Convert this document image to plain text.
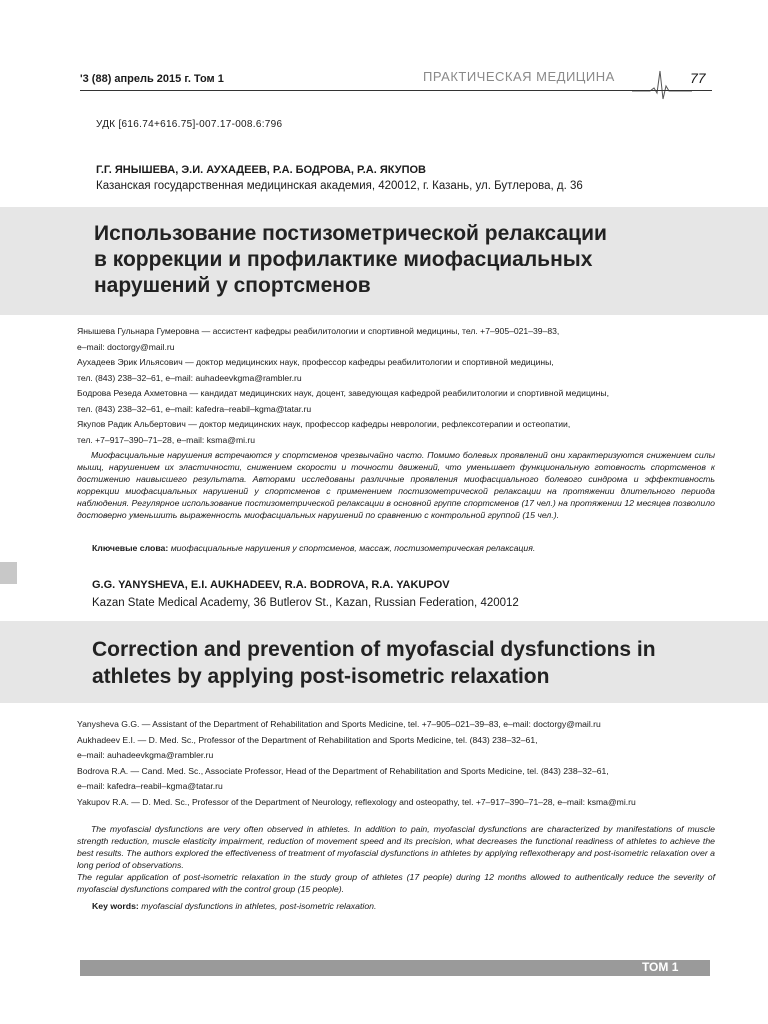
'3 (88) апрель 2015 г. Том 1	ПРАКТИЧЕСКАЯ МЕДИЦИНА	77
УДК [616.74+616.75]-007.17-008.6:796
Г.Г. ЯНЫШЕВА, Э.И. АУХАДЕЕВ, Р.А. БОДРОВА, Р.А. ЯКУПОВ
Казанская государственная медицинская академия, 420012, г. Казань, ул. Бутлерова, д. 36
Использование постизометрической релаксации
в коррекции и профилактике миофасциальных
нарушений у спортсменов
Янышева Гульнара Гумеровна — ассистент кафедры реабилитологии и спортивной медицины, тел. +7–905–021–39–83,
e–mail: doctorgy@mail.ru
Аухадеев Эрик Ильясович — доктор медицинских наук, профессор кафедры реабилитологии и спортивной медицины,
тел. (843) 238–32–61, e–mail: auhadeevkgma@rambler.ru
Бодрова Резеда Ахметовна — кандидат медицинских наук, доцент, заведующая кафедрой реабилитологии и спортивной медицины,
тел. (843) 238–32–61, e–mail: kafedra–reabil–kgma@tatar.ru
Якупов Радик Альбертович — доктор медицинских наук, профессор кафедры неврологии, рефлексотерапии и остеопатии,
тел. +7–917–390–71–28, e–mail: ksma@mi.ru

Миофасциальные нарушения встречаются у спортсменов чрезвычайно часто. Помимо болевых проявлений они характеризуются снижением силы мышц, нарушением их эластичности, снижением скорости и точности движений, что уменьшает функциональную готовность спортсменов к достижению наивысшего результата. Авторами исследованы различные проявления миофасциального болевого синдрома и эффективность коррекции миофасциальных нарушений у спортсменов с применением постизометрической релаксации на протяжении длительного периода наблюдения. Регулярное использование постизометрической релаксации в основной группе спортсменов (17 чел.) на протяжении 12 месяцев позволило достоверно уменьшить выраженность миофасциальных нарушений по сравнению с контрольной группой (15 чел.).

Ключевые слова: миофасциальные нарушения у спортсменов, массаж, постизометрическая релаксация.
G.G. YANYSHEVA, E.I. AUKHADEEV, R.A. BODROVA, R.A. YAKUPOV
Kazan State Medical Academy, 36 Butlerov St., Kazan, Russian Federation, 420012
Correction and prevention of myofascial dysfunctions in
athletes by applying post-isometric relaxation
Yanysheva G.G. — Assistant of the Department of Rehabilitation and Sports Medicine, tel. +7–905–021–39–83, e–mail: doctorgy@mail.ru
Aukhadeev E.I. — D. Med. Sc., Professor of the Department of Rehabilitation and Sports Medicine, tel. (843) 238–32–61,
e–mail: auhadeevkgma@rambler.ru
Bodrova R.A. — Cand. Med. Sc., Associate Professor, Head of the Department of Rehabilitation and Sports Medicine, tel. (843) 238–32–61,
e–mail: kafedra–reabil–kgma@tatar.ru
Yakupov R.A. — D. Med. Sc., Professor of the Department of Neurology, reflexology and osteopathy, tel. +7–917–390–71–28, e–mail: ksma@mi.ru

The myofascial dysfunctions are very often observed in athletes. In addition to pain, myofascial dysfunctions are characterized by manifestations of muscle strength reduction, muscle elasticity impairment, reduction of movement speed and its precision, what decreases the functional readiness of athletes to achieve the best results. The authors explored the effectiveness of treatment of myofascial dysfunctions in athletes by applying reflexotherapy and post-isometric relaxation over a long period of observations.

The regular application of post-isometric relaxation in the study group of athletes (17 people) during 12 months allowed to authentically reduce the severity of myofascial dysfunctions compared with the control group (15 people).

Key words: myofascial dysfunctions in athletes, post-isometric relaxation.
ТОМ 1
